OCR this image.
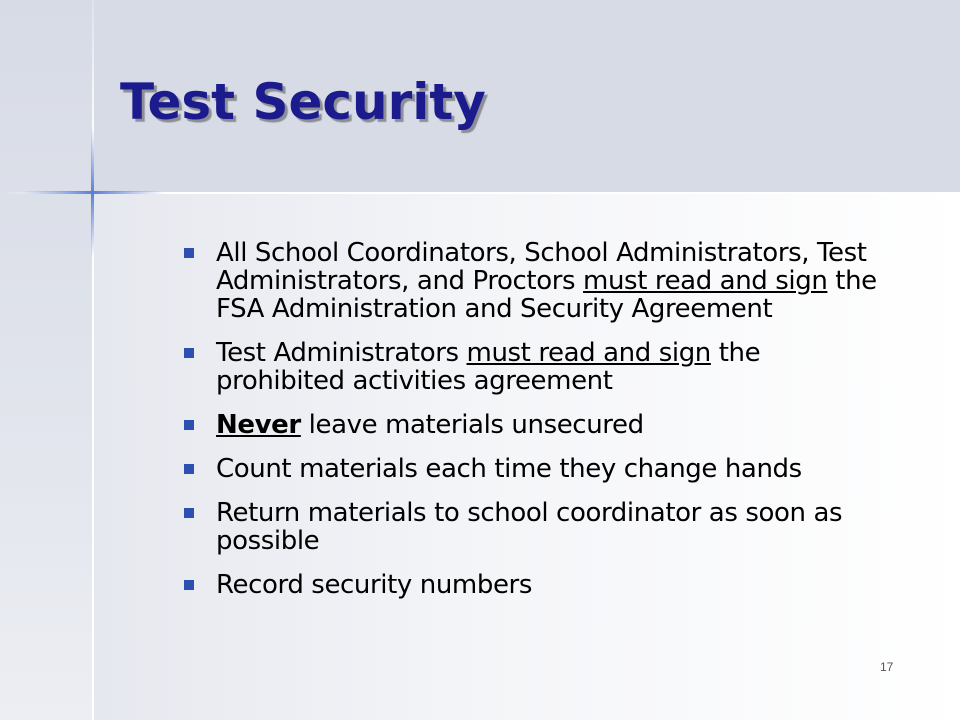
Test Security
All School Coordinators, School Administrators, Test Administrators, and Proctors must read and sign the FSA Administration and Security Agreement
Test Administrators must read and sign the prohibited activities agreement
Never leave materials unsecured
Count materials each time they change hands
Return materials to school coordinator as soon as possible
Record security numbers
17
